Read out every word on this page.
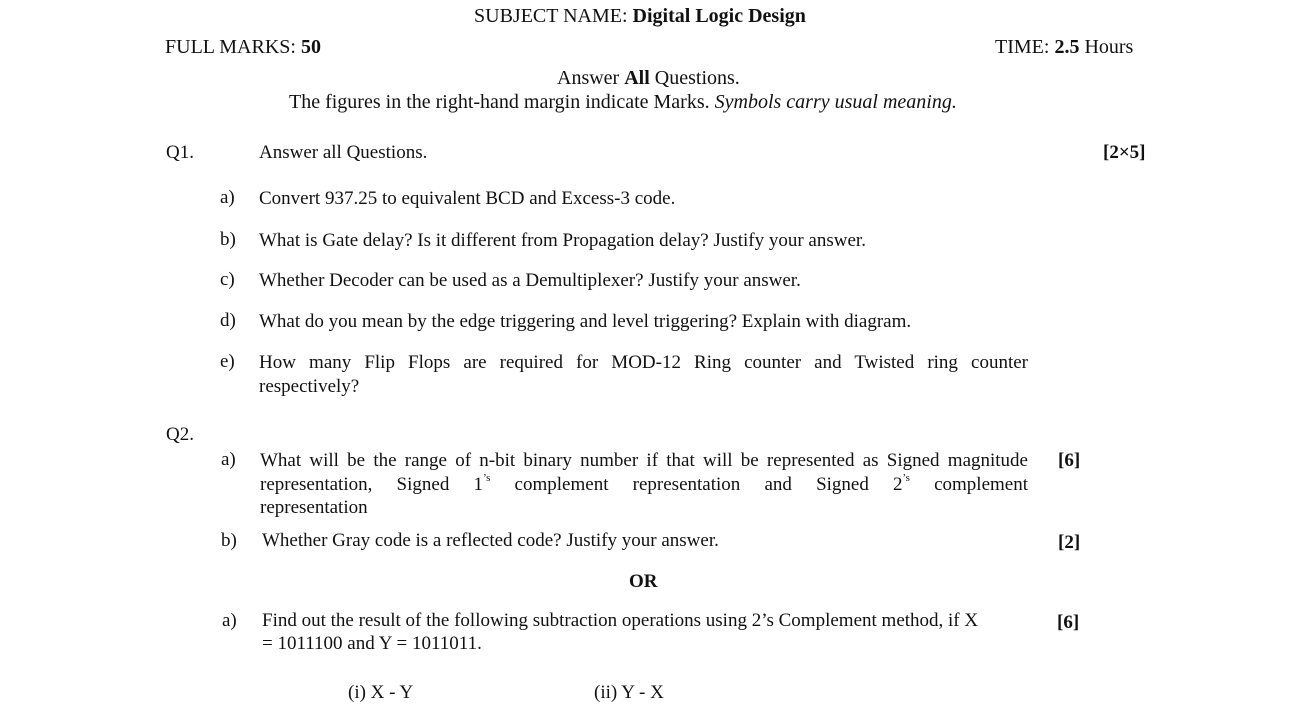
SUBJECT NAME: Digital Logic Design
FULL MARKS: 50	TIME: 2.5 Hours
Answer All Questions.
The figures in the right-hand margin indicate Marks. Symbols carry usual meaning.
Q1.	Answer all Questions.	[2×5]
a) Convert 937.25 to equivalent BCD and Excess-3 code.
b) What is Gate delay? Is it different from Propagation delay? Justify your answer.
c) Whether Decoder can be used as a Demultiplexer? Justify your answer.
d) What do you mean by the edge triggering and level triggering? Explain with diagram.
e) How many Flip Flops are required for MOD-12 Ring counter and Twisted ring counter
respectively?
Q2.
a) What will be the range of n-bit binary number if that will be represented as Signed magnitude
representation, Signed $1^{’s}$ complement representation and Signed $2^{’s}$ complement
representation
[6]
b) Whether Gray code is a reflected code? Justify your answer.	[2]
OR
a) Find out the result of the following subtraction operations using 2’s Complement method, if X
= 1011100 and Y = 1011011.
[6]
(i) X - Y	(ii) Y - X
